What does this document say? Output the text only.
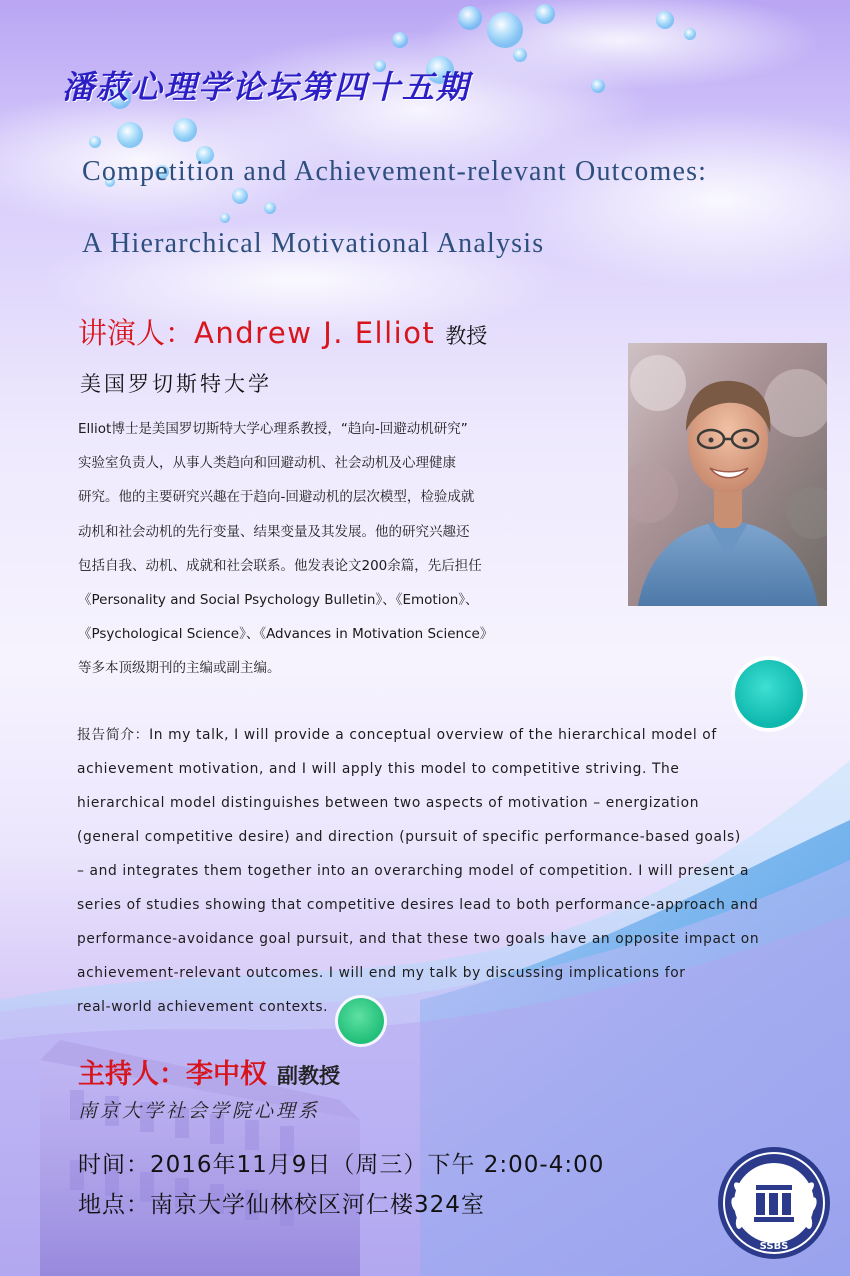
潘菽心理学论坛第四十五期
Competition and Achievement-relevant Outcomes:
A Hierarchical Motivational Analysis
讲演人：Andrew J. Elliot 教授
美国罗切斯特大学
Elliot博士是美国罗切斯特大学心理系教授，“趋向-回避动机研究”
实验室负责人，从事人类趋向和回避动机、社会动机及心理健康
研究。他的主要研究兴趣在于趋向-回避动机的层次模型，检验成就
动机和社会动机的先行变量、结果变量及其发展。他的研究兴趣还
包括自我、动机、成就和社会联系。他发表论文200余篇，先后担任
《Personality and Social Psychology Bulletin》、《Emotion》、
《Psychological Science》、《Advances in Motivation Science》
等多本顶级期刊的主编或副主编。
报告简介：In my talk, I will provide a conceptual overview of the hierarchical model of
achievement motivation, and I will apply this model to competitive striving. The
hierarchical model distinguishes between two aspects of motivation – energization
(general competitive desire) and direction (pursuit of specific performance-based goals)
– and integrates them together into an overarching model of competition. I will present a
series of studies showing that competitive desires lead to both performance-approach and
performance-avoidance goal pursuit, and that these two goals have an opposite impact on
achievement-relevant outcomes. I will end my talk by discussing implications for
real-world achievement contexts.
主持人：李中权 副教授
南京大学社会学院心理系
时间：2016年11月9日（周三）下午 2:00-4:00
地点：南京大学仙林校区河仁楼324室
SSBS
